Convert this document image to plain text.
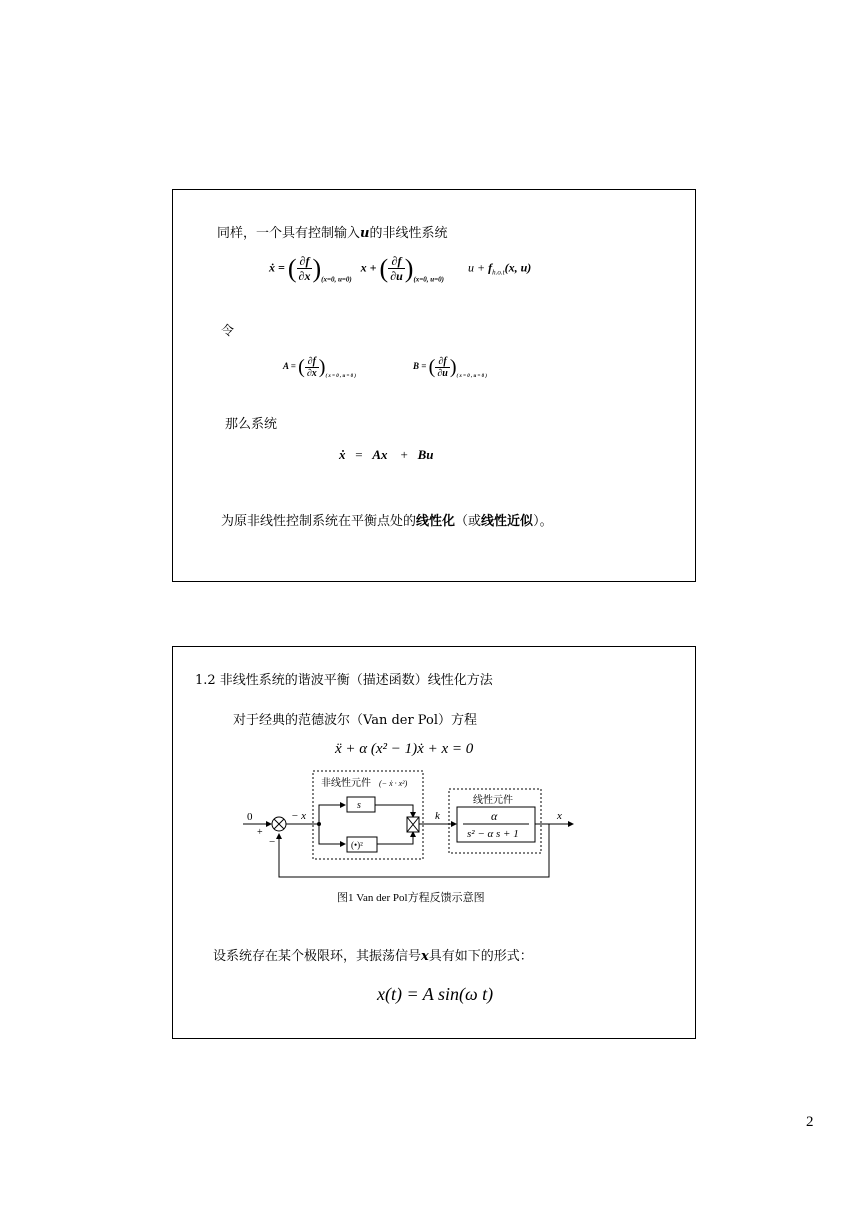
同样，一个具有控制输入u的非线性系统
ẋ = ( $\frac{\partial f}{\partial x} )_{(x=0, u=0)}$   x + ( $\frac{\partial f}{\partial u} )_{(x=0, u=0)}$        $u + f_{h.o.t}(x$, u)
令
A = ( $\frac{\partial f}{\partial x} )_{( x = 0 , u = 0 )}$
B = ( $\frac{\partial f}{\partial u} )_{( x = 0 , u = 0 )}$
那么系统
ẋ = Ax + Bu
为原非线性控制系统在平衡点处的线性化（或线性近似）。
1.2 非线性系统的谐波平衡（描述函数）线性化方法
对于经典的范德波尔（Van der Pol）方程
ẍ + α (x² − 1)ẋ + x = 0
非线性元件 (− ẋ · x²)
线性元件
0
+
−
− x
s
(•)²
k	α
s² − α s + 1
x
图1 Van der Pol方程反馈示意图
设系统存在某个极限环，其振荡信号x具有如下的形式：
x(t) = A sin(ω t)
2
